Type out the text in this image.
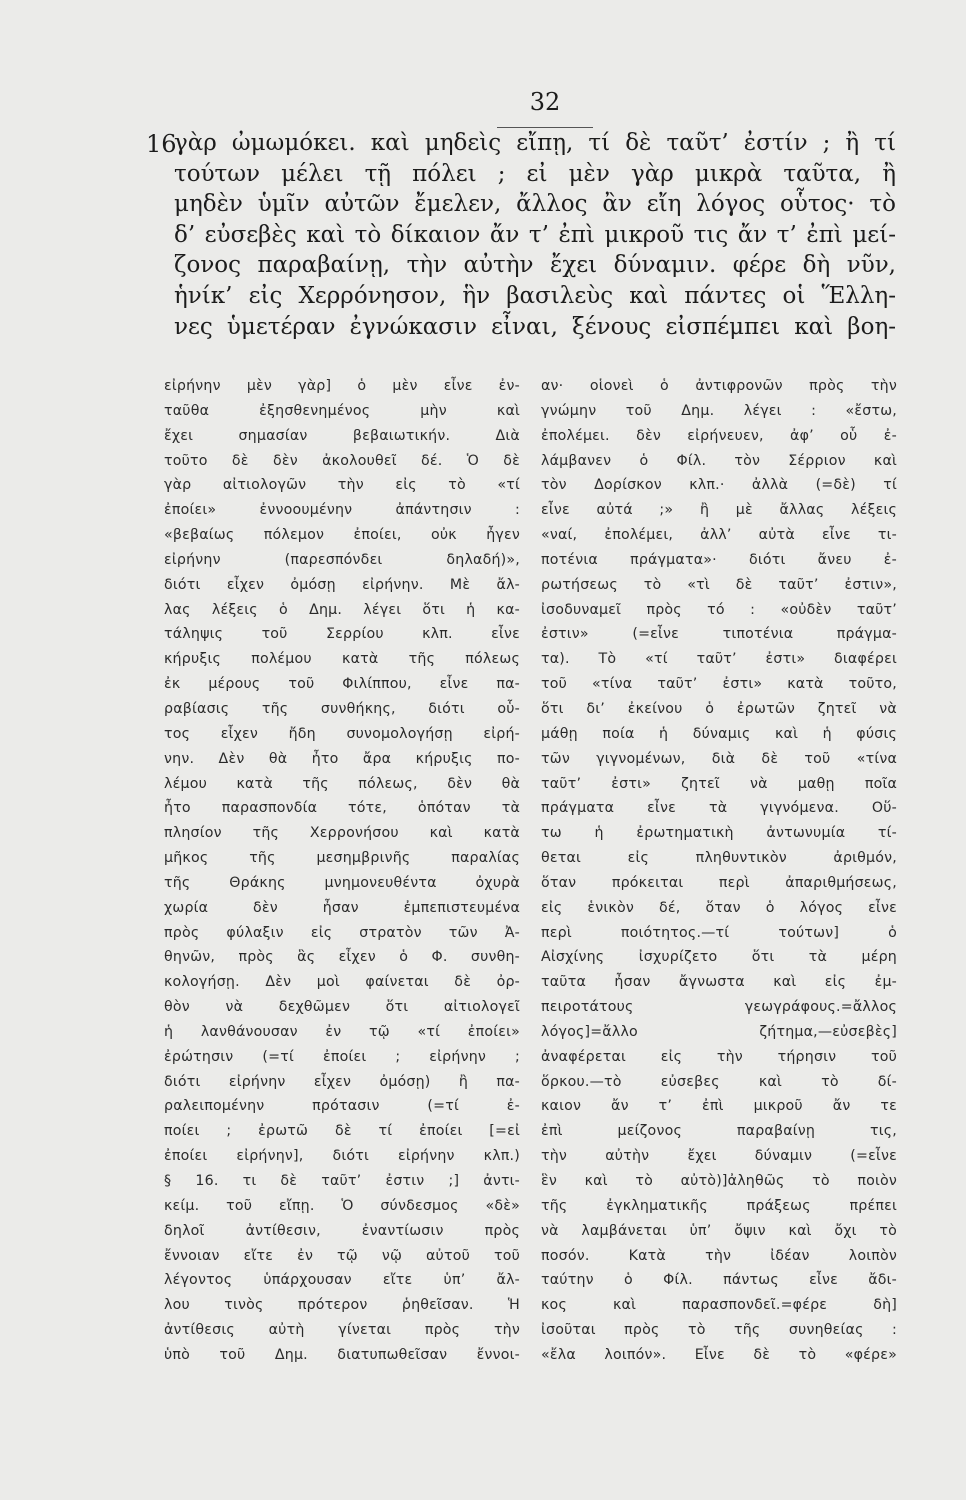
32
16
γὰρ ὠμωμόκει. καὶ μηδεὶς εἴπῃ, τί δὲ ταῦτ’ ἐστίν ; ἢ τί
τούτων μέλει τῇ πόλει ; εἰ μὲν γὰρ μικρὰ ταῦτα, ἢ
μηδὲν ὑμῖν αὐτῶν ἔμελεν, ἄλλος ἂν εἴη λόγος οὗτος· τὸ
δ’ εὐσεβὲς καὶ τὸ δίκαιον ἄν τ’ ἐπὶ μικροῦ τις ἄν τ’ ἐπὶ μεί-
ζονος παραβαίνῃ, τὴν αὐτὴν ἔχει δύναμιν. φέρε δὴ νῦν,
ἡνίκ’ εἰς Χερρόνησον, ἣν βασιλεὺς καὶ πάντες οἱ Ἕλλη-
νες ὑμετέραν ἐγνώκασιν εἶναι, ξένους εἰσπέμπει καὶ βοη-
εἰρήνην μὲν γὰρ] ὁ μὲν εἶνε ἐν-
ταῦθα ἐξησθενημένος μὴν καὶ
ἔχει σημασίαν βεβαιωτικήν. Διὰ
τοῦτο δὲ δὲν ἀκολουθεῖ δέ. Ὁ δὲ
γὰρ αἰτιολογῶν τὴν εἰς τὸ «τί
ἐποίει» ἐννοουμένην ἀπάντησιν :
«βεβαίως πόλεμον ἐποίει, οὐκ ἦγεν
εἰρήνην (παρεσπόνδει δηλαδή)»,
διότι εἶχεν ὀμόσῃ εἰρήνην. Μὲ ἄλ-
λας λέξεις ὁ Δημ. λέγει ὅτι ἡ κα-
τάληψις τοῦ Σερρίου κλπ. εἶνε
κήρυξις πολέμου κατὰ τῆς πόλεως
ἐκ μέρους τοῦ Φιλίππου, εἶνε πα-
ραβίασις τῆς συνθήκης, διότι οὗ-
τος εἶχεν ἤδη συνομολογήσῃ εἰρή-
νην. Δὲν θὰ ἦτο ἄρα κήρυξις πο-
λέμου κατὰ τῆς πόλεως, δὲν θὰ
ἦτο παρασπονδία τότε, ὁπόταν τὰ
πλησίον τῆς Χερρονήσου καὶ κατὰ
μῆκος τῆς μεσημβρινῆς παραλίας
τῆς Θράκης μνημονευθέντα ὀχυρὰ
χωρία δὲν ἦσαν ἐμπεπιστευμένα
πρὸς φύλαξιν εἰς στρατὸν τῶν Ἀ-
θηνῶν, πρὸς ἃς εἶχεν ὁ Φ. συνθη-
κολογήσῃ. Δὲν μοὶ φαίνεται δὲ ὀρ-
θὸν νὰ δεχθῶμεν ὅτι αἰτιολογεῖ
ἡ λανθάνουσαν ἐν τῷ «τί ἐποίει»
ἐρώτησιν (=τί ἐποίει ; εἰρήνην ;
διότι εἰρήνην εἶχεν ὀμόσῃ) ἢ πα-
ραλειπομένην πρότασιν (=τί ἐ-
ποίει ; ἐρωτῶ δὲ τί ἐποίει [=εἰ
ἐποίει εἰρήνην], διότι εἰρήνην κλπ.)
§ 16. τι δὲ ταῦτ’ ἐστιν ;] ἀντι-
κείμ. τοῦ εἴπῃ. Ὁ σύνδεσμος «δὲ»
δηλοῖ ἀντίθεσιν, ἐναντίωσιν πρὸς
ἔννοιαν εἴτε ἐν τῷ νῷ αὐτοῦ τοῦ
λέγοντος ὑπάρχουσαν εἴτε ὑπ’ ἄλ-
λου τινὸς πρότερον ῥηθεῖσαν. Ἡ
ἀντίθεσις αὐτὴ γίνεται πρὸς τὴν
ὑπὸ τοῦ Δημ. διατυπωθεῖσαν ἔννοι-
αν· οἱονεὶ ὁ ἀντιφρονῶν πρὸς τὴν
γνώμην τοῦ Δημ. λέγει : «ἔστω,
ἐπολέμει. δὲν εἰρήνευεν, ἀφ’ οὗ ἐ-
λάμβανεν ὁ Φίλ. τὸν Σέρριον καὶ
τὸν Δορίσκον κλπ.· ἀλλὰ (=δὲ) τί
εἶνε αὐτά ;» ἢ μὲ ἄλλας λέξεις
«ναί, ἐπολέμει, ἀλλ’ αὐτὰ εἶνε τι-
ποτένια πράγματα»· διότι ἄνευ ἐ-
ρωτήσεως τὸ «τὶ δὲ ταῦτ’ ἐστιν»,
ἰσοδυναμεῖ πρὸς τό : «οὐδὲν ταῦτ’
ἐστιν» (=εἶνε τιποτένια πράγμα-
τα). Τὸ «τί ταῦτ’ ἐστι» διαφέρει
τοῦ «τίνα ταῦτ’ ἐστι» κατὰ τοῦτο,
ὅτι δι’ ἐκείνου ὁ ἐρωτῶν ζητεῖ νὰ
μάθῃ ποία ἡ δύναμις καὶ ἡ φύσις
τῶν γιγνομένων, διὰ δὲ τοῦ «τίνα
ταῦτ’ ἐστι» ζητεῖ νὰ μαθῃ ποῖα
πράγματα εἶνε τὰ γιγνόμενα. Οὕ-
τω ἡ ἐρωτηματικὴ ἀντωνυμία τί-
θεται εἰς πληθυντικὸν ἀριθμόν,
ὅταν πρόκειται περὶ ἀπαριθμήσεως,
εἰς ἑνικὸν δέ, ὅταν ὁ λόγος εἶνε
περὶ ποιότητος.—τί τούτων] ὁ
Αἰσχίνης ἰσχυρίζετο ὅτι τὰ μέρη
ταῦτα ἦσαν ἄγνωστα καὶ εἰς ἐμ-
πειροτάτους γεωγράφους.=ἄλλος
λόγος]=ἄλλο ζήτημα,—εὐσεβὲς]
ἀναφέρεται εἰς τὴν τήρησιν τοῦ
ὅρκου.—τὸ εὐσεβες καὶ τὸ δί-
καιον ἄν τ’ ἐπὶ μικροῦ ἄν τε
ἐπὶ μείζονος παραβαίνῃ τις,
τὴν αὐτὴν ἔχει δύναμιν (=εἶνε
ἓν καὶ τὸ αὐτὸ)]ἀληθῶς τὸ ποιὸν
τῆς ἐγκληματικῆς πράξεως πρέπει
νὰ λαμβάνεται ὑπ’ ὄψιν καὶ ὄχι τὸ
ποσόν. Κατὰ τὴν ἰδέαν λοιπὸν
ταύτην ὁ Φίλ. πάντως εἶνε ἄδι-
κος καὶ παρασπονδεῖ.=φέρε δὴ]
ἰσοῦται πρὸς τὸ τῆς συνηθείας :
«ἔλα λοιπόν». Εἶνε δὲ τὸ «φέρε»
